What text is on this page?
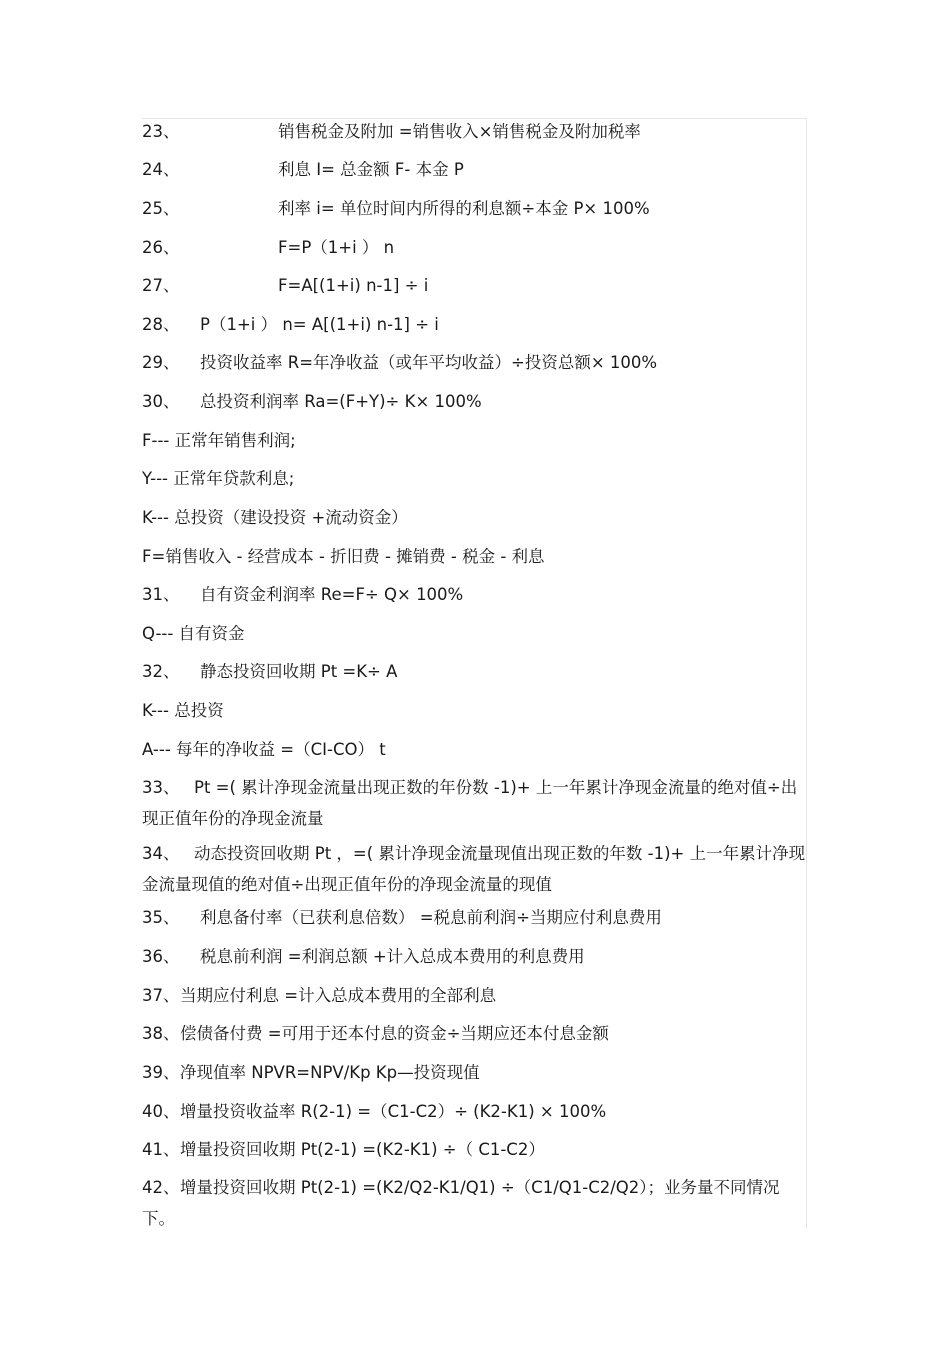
23、	销售税金及附加 =销售收入×销售税金及附加税率
24、	利息 I= 总金额 F- 本金 P
25、	利率 i= 单位时间内所得的利息额÷本金 P× 100%
26、	F=P（1+i ） n
27、	F=A[(1+i) n-1] ÷ i
28、 P（1+i ） n= A[(1+i) n-1] ÷ i
29、 投资收益率 R=年净收益（或年平均收益）÷投资总额× 100%
30、 总投资利润率 Ra=(F+Y)÷ K× 100%
F--- 正常年销售利润;
Y--- 正常年贷款利息;
K--- 总投资（建设投资 +流动资金）
F=销售收入 - 经营成本 - 折旧费 - 摊销费 - 税金 - 利息
31、 自有资金利润率 Re=F÷ Q× 100%
Q--- 自有资金
32、 静态投资回收期 Pt =K÷ A
K--- 总投资
A--- 每年的净收益 =（CI-CO） t
33、 Pt =( 累计净现金流量出现正数的年份数 -1)+ 上一年累计净现金流量的绝对值÷出现正值年份的净现金流量
34、 动态投资回收期 Pt ，=( 累计净现金流量现值出现正数的年数 -1)+ 上一年累计净现金流量现值的绝对值÷出现正值年份的净现金流量的现值
35、 利息备付率（已获利息倍数） =税息前利润÷当期应付利息费用
36、 税息前利润 =利润总额 +计入总成本费用的利息费用
37、当期应付利息 =计入总成本费用的全部利息
38、偿债备付费 =可用于还本付息的资金÷当期应还本付息金额
39、净现值率 NPVR=NPV/Kp Kp—投资现值
40、增量投资收益率 R(2-1) =（C1-C2）÷ (K2-K1) × 100%
41、增量投资回收期 Pt(2-1) =(K2-K1) ÷（ C1-C2）
42、增量投资回收期 Pt(2-1) =(K2/Q2-K1/Q1) ÷（C1/Q1-C2/Q2）；业务量不同情况下。
